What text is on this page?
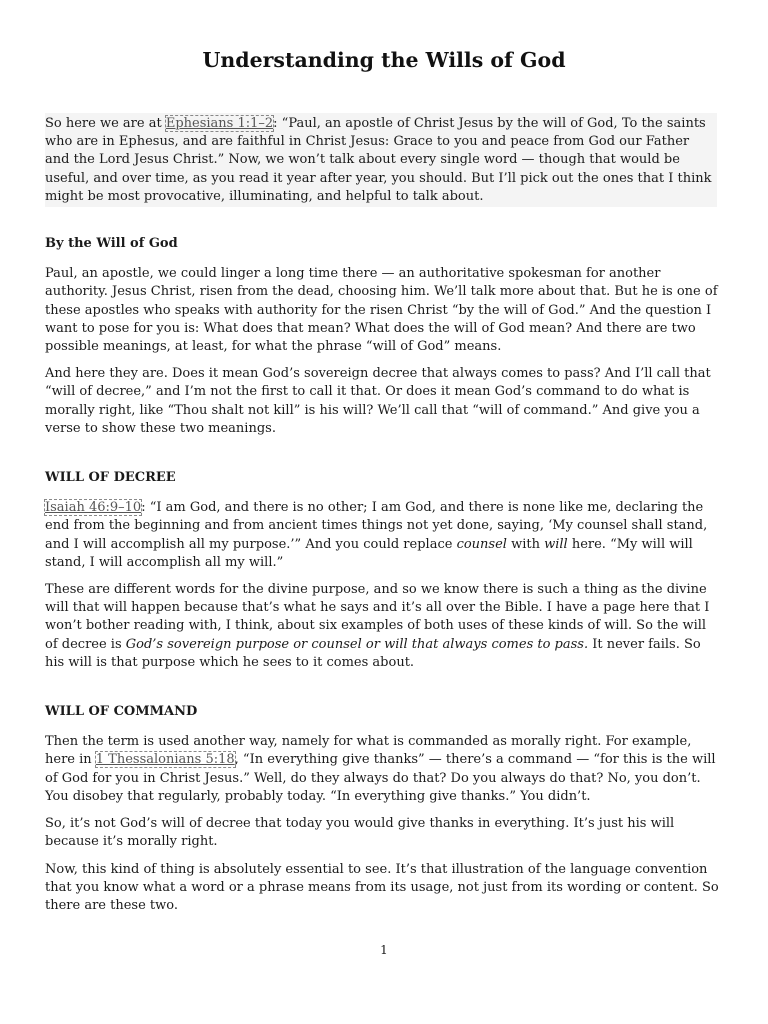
Understanding the Wills of God

So here we are at Ephesians 1:1–2: “Paul, an apostle of Christ Jesus by the will of God, To the saints who are in Ephesus, and are faithful in Christ Jesus: Grace to you and peace from God our Father and the Lord Jesus Christ.” Now, we won’t talk about every single word — though that would be useful, and over time, as you read it year after year, you should. But I’ll pick out the ones that I think might be most provocative, illuminating, and helpful to talk about.

By the Will of God

Paul, an apostle, we could linger a long time there — an authoritative spokesman for another authority. Jesus Christ, risen from the dead, choosing him. We’ll talk more about that. But he is one of these apostles who speaks with authority for the risen Christ “by the will of God.” And the question I want to pose for you is: What does that mean? What does the will of God mean? And there are two possible meanings, at least, for what the phrase “will of God” means.

And here they are. Does it mean God’s sovereign decree that always comes to pass? And I’ll call that “will of decree,” and I’m not the first to call it that. Or does it mean God’s command to do what is morally right, like “Thou shalt not kill” is his will? We’ll call that “will of command.” And give you a verse to show these two meanings.

WILL OF DECREE

Isaiah 46:9–10: “I am God, and there is no other; I am God, and there is none like me, declaring the end from the beginning and from ancient times things not yet done, saying, ‘My counsel shall stand, and I will accomplish all my purpose.’” And you could replace counsel with will here. “My will will stand, I will accomplish all my will.”

These are different words for the divine purpose, and so we know there is such a thing as the divine will that will happen because that’s what he says and it’s all over the Bible. I have a page here that I won’t bother reading with, I think, about six examples of both uses of these kinds of will. So the will of decree is God’s sovereign purpose or counsel or will that always comes to pass. It never fails. So his will is that purpose which he sees to it comes about.

WILL OF COMMAND

Then the term is used another way, namely for what is commanded as morally right. For example, here in 1 Thessalonians 5:18, “In everything give thanks” — there’s a command — “for this is the will of God for you in Christ Jesus.” Well, do they always do that? Do you always do that? No, you don’t. You disobey that regularly, probably today. “In everything give thanks.” You didn’t.

So, it’s not God’s will of decree that today you would give thanks in everything. It’s just his will because it’s morally right.

Now, this kind of thing is absolutely essential to see. It’s that illustration of the language convention that you know what a word or a phrase means from its usage, not just from its wording or content. So there are these two.

1
